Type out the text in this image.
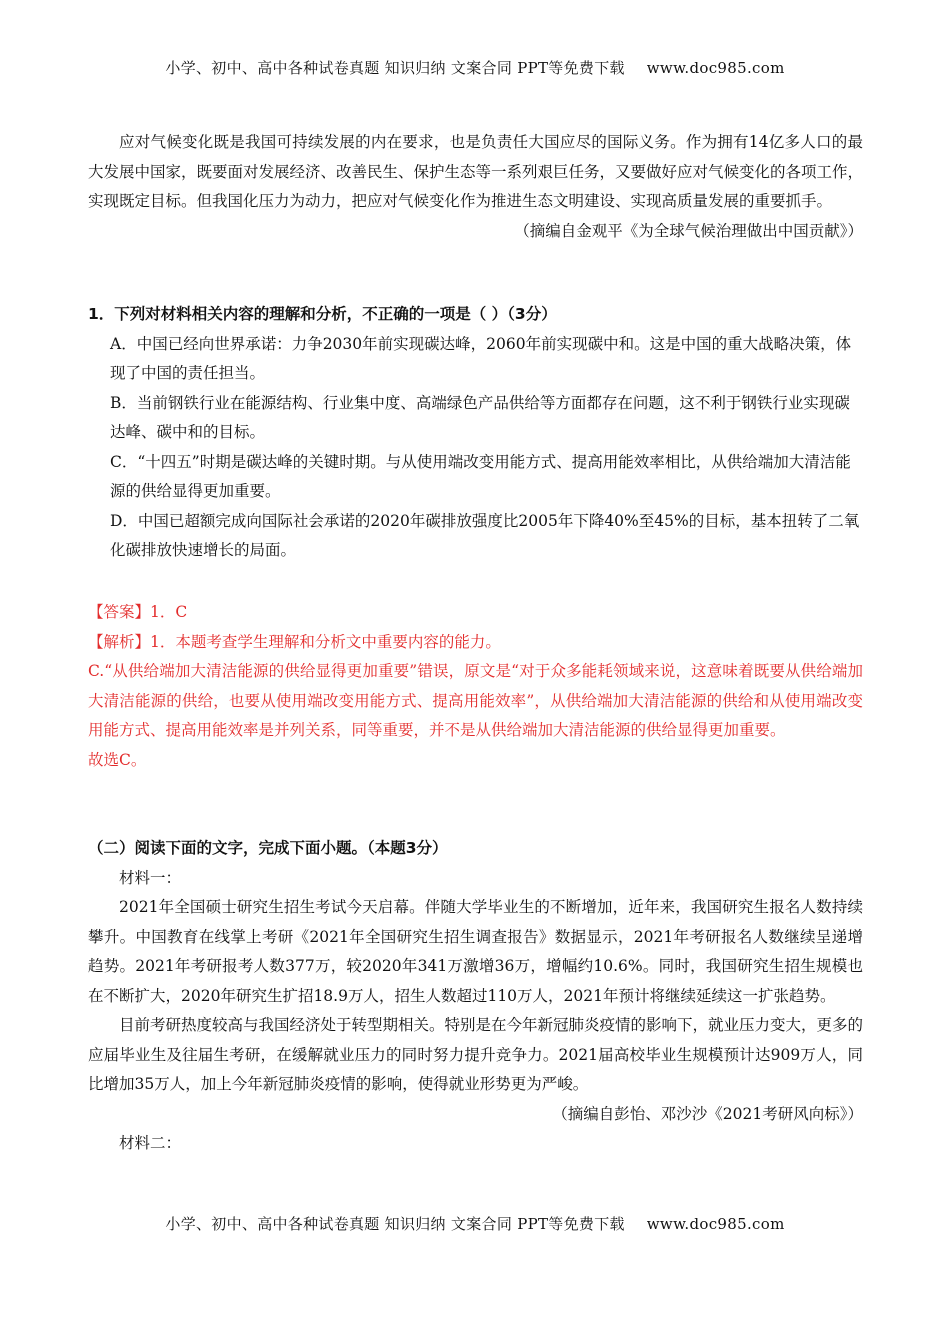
小学、初中、高中各种试卷真题 知识归纳 文案合同 PPT等免费下载 www.doc985.com

应对气候变化既是我国可持续发展的内在要求，也是负责任大国应尽的国际义务。作为拥有14亿多人口的最大发展中国家，既要面对发展经济、改善民生、保护生态等一系列艰巨任务，又要做好应对气候变化的各项工作，实现既定目标。但我国化压力为动力，把应对气候变化作为推进生态文明建设、实现高质量发展的重要抓手。

（摘编自金观平《为全球气候治理做出中国贡献》）

1．下列对材料相关内容的理解和分析，不正确的一项是（ ）（3分）

A．中国已经向世界承诺：力争2030年前实现碳达峰，2060年前实现碳中和。这是中国的重大战略决策，体现了中国的责任担当。

B．当前钢铁行业在能源结构、行业集中度、高端绿色产品供给等方面都存在问题，这不利于钢铁行业实现碳达峰、碳中和的目标。

C．“十四五”时期是碳达峰的关键时期。与从使用端改变用能方式、提高用能效率相比，从供给端加大清洁能源的供给显得更加重要。

D．中国已超额完成向国际社会承诺的2020年碳排放强度比2005年下降40%至45%的目标，基本扭转了二氧化碳排放快速增长的局面。

【答案】1．C

【解析】1．本题考查学生理解和分析文中重要内容的能力。

C.“从供给端加大清洁能源的供给显得更加重要”错误，原文是“对于众多能耗领域来说，这意味着既要从供给端加大清洁能源的供给，也要从使用端改变用能方式、提高用能效率”，从供给端加大清洁能源的供给和从使用端改变用能方式、提高用能效率是并列关系，同等重要，并不是从供给端加大清洁能源的供给显得更加重要。

故选C。

（二）阅读下面的文字，完成下面小题。（本题3分）

材料一：

2021年全国硕士研究生招生考试今天启幕。伴随大学毕业生的不断增加，近年来，我国研究生报名人数持续攀升。中国教育在线掌上考研《2021年全国研究生招生调查报告》数据显示，2021年考研报名人数继续呈递增趋势。2021年考研报考人数377万，较2020年341万激增36万，增幅约10.6%。同时，我国研究生招生规模也在不断扩大，2020年研究生扩招18.9万人，招生人数超过110万人，2021年预计将继续延续这一扩张趋势。

目前考研热度较高与我国经济处于转型期相关。特别是在今年新冠肺炎疫情的影响下，就业压力变大，更多的应届毕业生及往届生考研，在缓解就业压力的同时努力提升竞争力。2021届高校毕业生规模预计达909万人，同比增加35万人，加上今年新冠肺炎疫情的影响，使得就业形势更为严峻。

（摘编自彭怡、邓沙沙《2021考研风向标》）

材料二：

小学、初中、高中各种试卷真题 知识归纳 文案合同 PPT等免费下载 www.doc985.com
